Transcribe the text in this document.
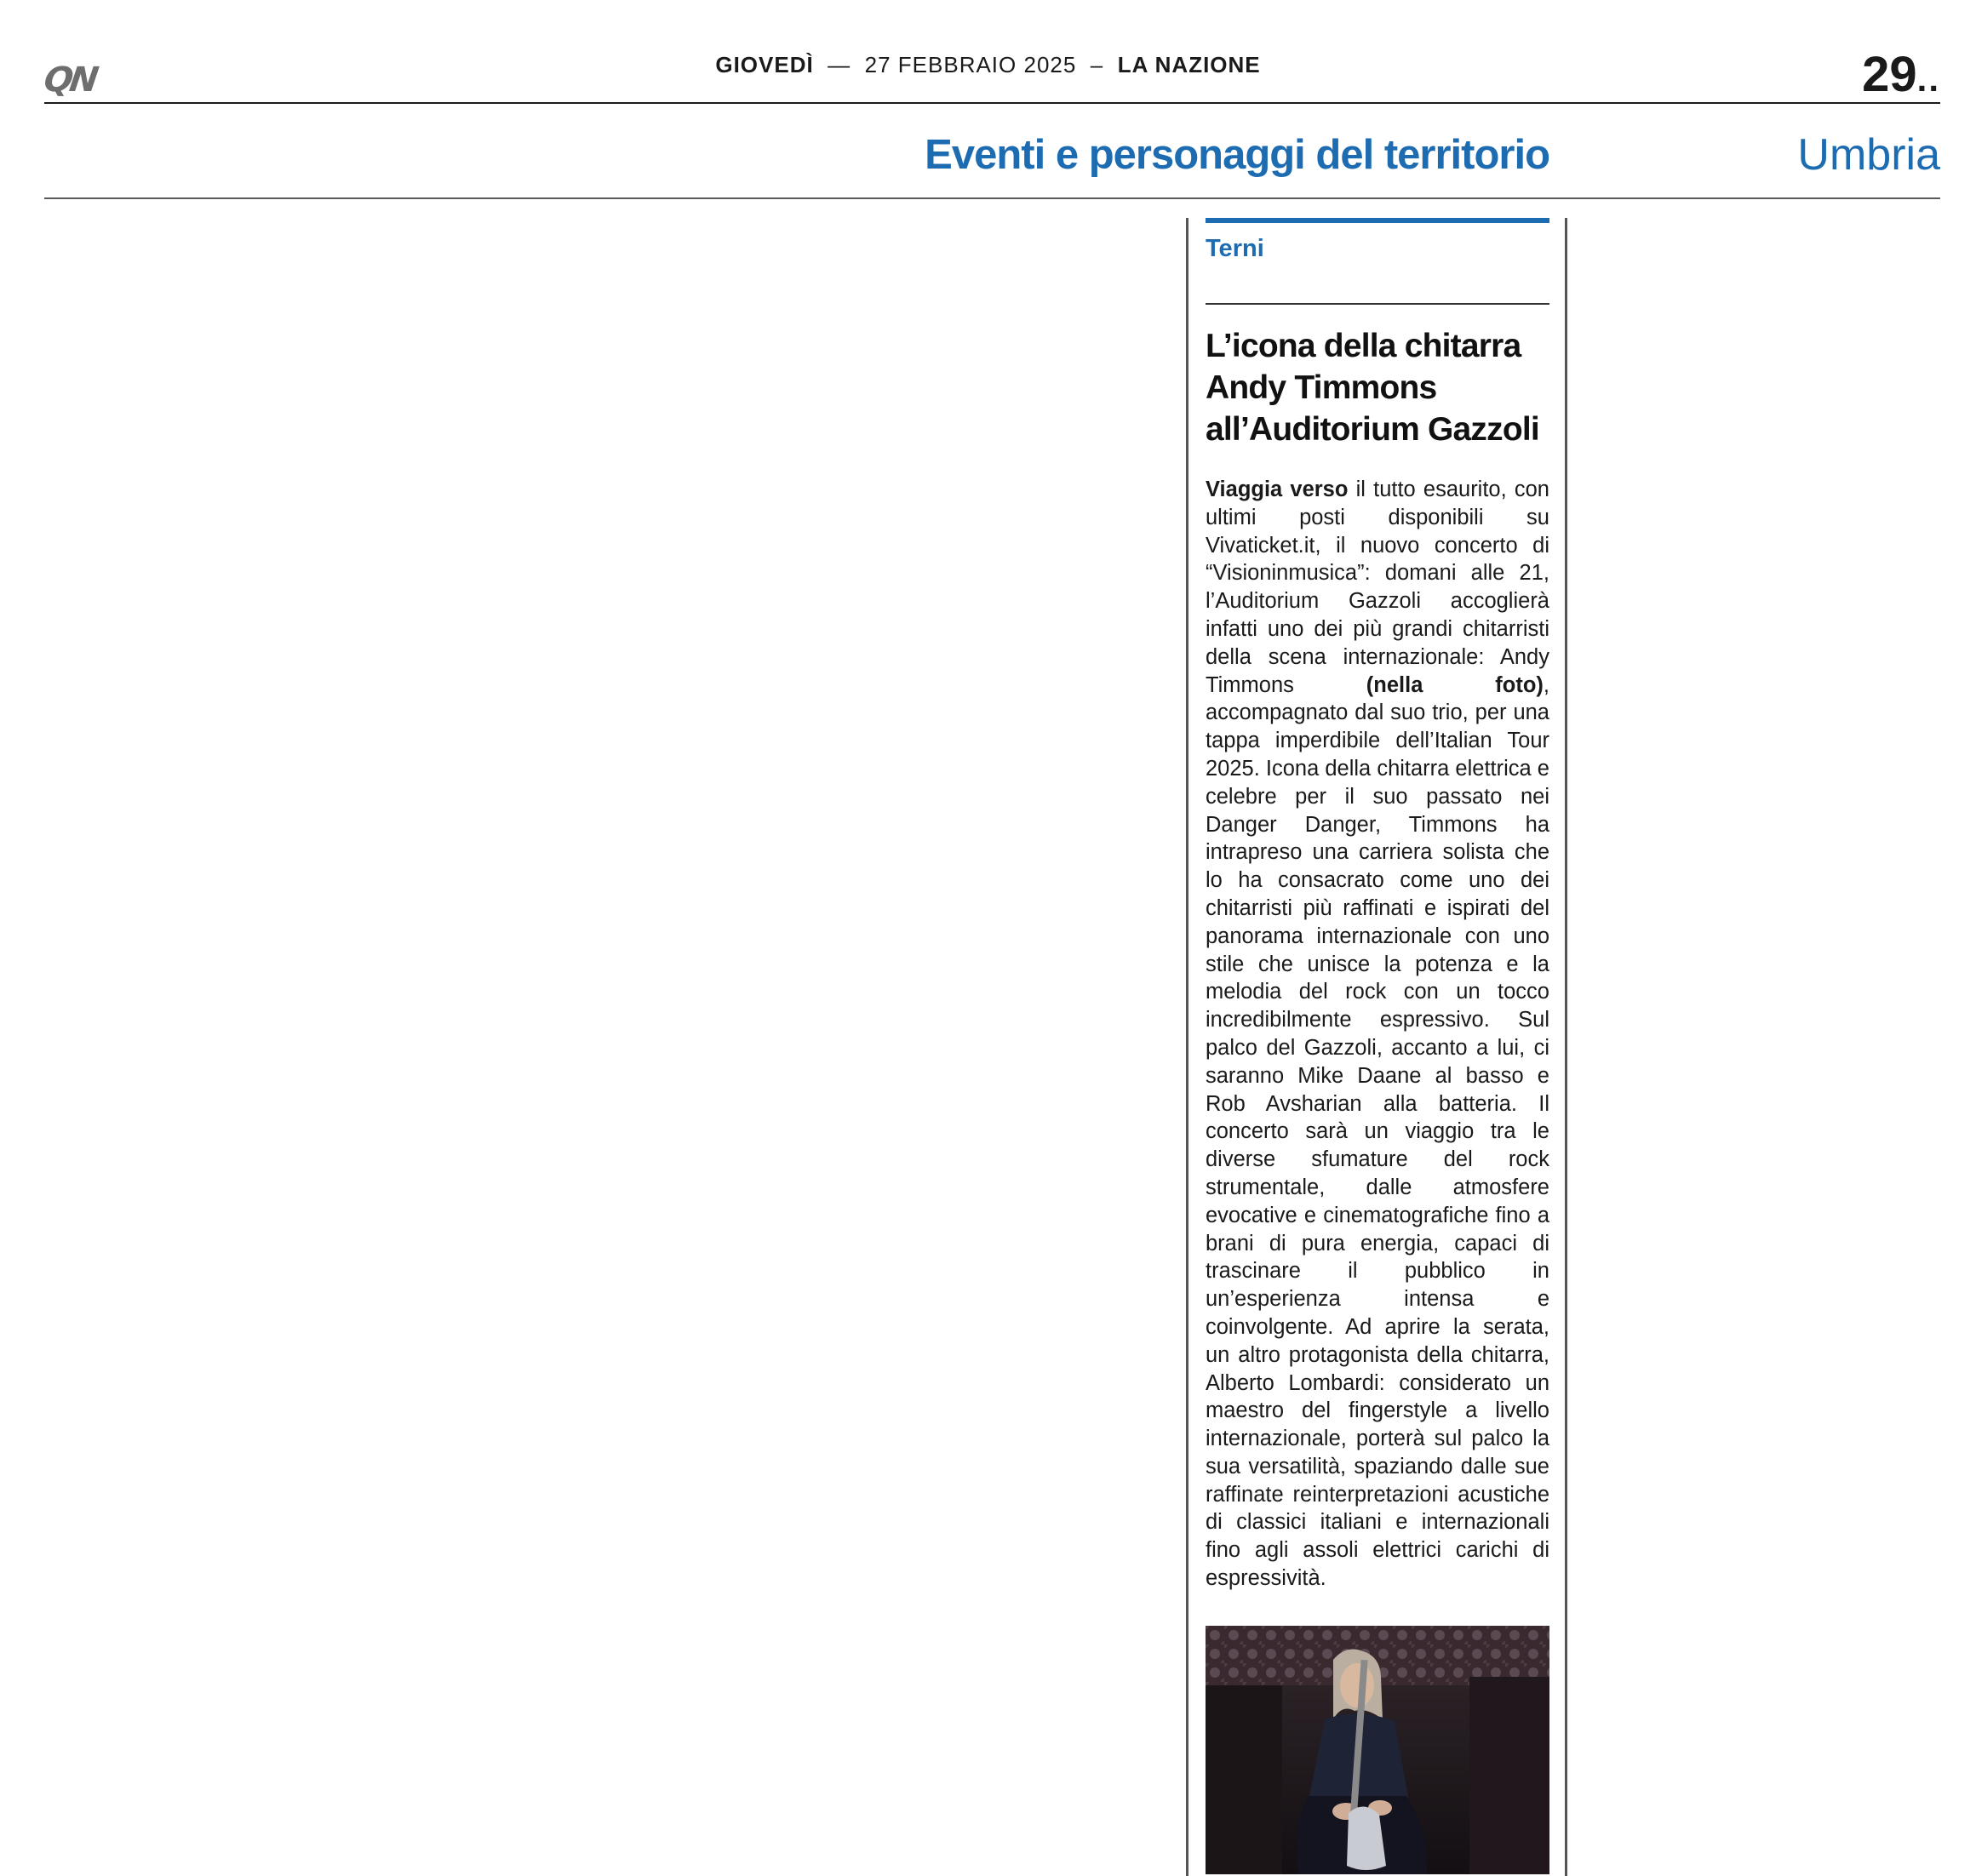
QN	GIOVEDÌ  —  27 FEBBRAIO 2025  –  LA NAZIONE	29..
Eventi e personaggi del territorio	Umbria
Terni
L’icona della chitarra
Andy Timmons
all’Auditorium Gazzoli
Viaggia verso il tutto esaurito, con ultimi posti disponibili su Vivaticket.it, il nuovo concerto di “Visioninmusica”: domani alle 21, l’Auditorium Gazzoli accoglierà infatti uno dei più grandi chitarristi della scena internazionale: Andy Timmons (nella foto), accompagnato dal suo trio, per una tappa imperdibile dell’Italian Tour 2025. Icona della chitarra elettrica e celebre per il suo passato nei Danger Danger, Timmons ha intrapreso una carriera solista che lo ha consacrato come uno dei chitarristi più raffinati e ispirati del panorama internazionale con uno stile che unisce la potenza e la melodia del rock con un tocco incredibilmente espressivo. Sul palco del Gazzoli, accanto a lui, ci saranno Mike Daane al basso e Rob Avsharian alla batteria. Il concerto sarà un viaggio tra le diverse sfumature del rock strumentale, dalle atmosfere evocative e cinematografiche fino a brani di pura energia, capaci di trascinare il pubblico in un’esperienza intensa e coinvolgente. Ad aprire la serata, un altro protagonista della chitarra, Alberto Lombardi: considerato un maestro del fingerstyle a livello internazionale, porterà sul palco la sua versatilità, spaziando dalle sue raffinate reinterpretazioni acustiche di classici italiani e internazionali fino agli assoli elettrici carichi di espressività.
